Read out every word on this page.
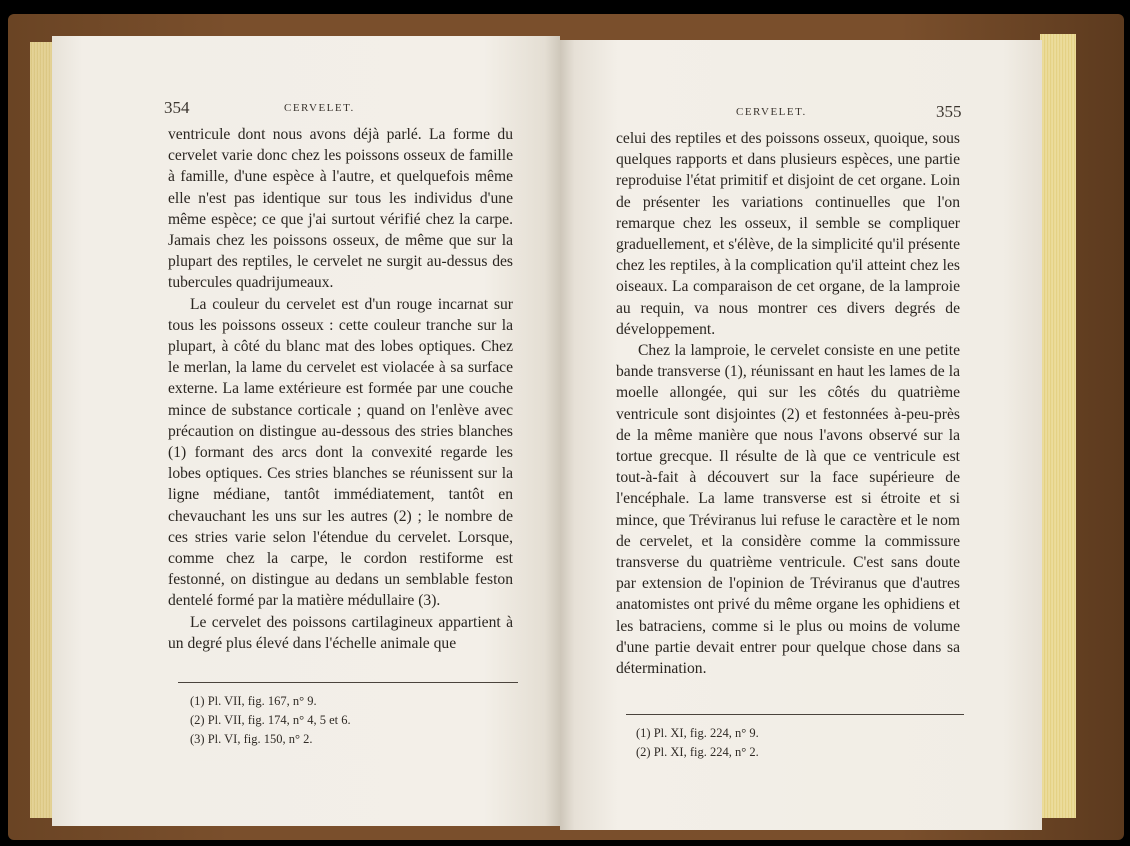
354	CERVELET.

ventricule dont nous avons déjà parlé. La forme du cervelet varie donc chez les poissons osseux de famille à famille, d'une espèce à l'autre, et quelquefois même elle n'est pas identique sur tous les individus d'une même espèce; ce que j'ai surtout vérifié chez la carpe. Jamais chez les poissons osseux, de même que sur la plupart des reptiles, le cervelet ne surgit au-dessus des tubercules quadrijumeaux.

La couleur du cervelet est d'un rouge incarnat sur tous les poissons osseux : cette couleur tranche sur la plupart, à côté du blanc mat des lobes optiques. Chez le merlan, la lame du cervelet est violacée à sa surface externe. La lame extérieure est formée par une couche mince de substance corticale ; quand on l'enlève avec précaution on distingue au-dessous des stries blanches (1) formant des arcs dont la convexité regarde les lobes optiques. Ces stries blanches se réunissent sur la ligne médiane, tantôt immédiatement, tantôt en chevauchant les uns sur les autres (2) ; le nombre de ces stries varie selon l'étendue du cervelet. Lorsque, comme chez la carpe, le cordon restiforme est festonné, on distingue au dedans un semblable feston dentelé formé par la matière médullaire (3).

Le cervelet des poissons cartilagineux appartient à un degré plus élevé dans l'échelle animale que

(1) Pl. VII, fig. 167, n° 9.
(2) Pl. VII, fig. 174, n° 4, 5 et 6.
(3) Pl. VI, fig. 150, n° 2.
CERVELET.	355

celui des reptiles et des poissons osseux, quoique, sous quelques rapports et dans plusieurs espèces, une partie reproduise l'état primitif et disjoint de cet organe. Loin de présenter les variations continuelles que l'on remarque chez les osseux, il semble se compliquer graduellement, et s'élève, de la simplicité qu'il présente chez les reptiles, à la complication qu'il atteint chez les oiseaux. La comparaison de cet organe, de la lamproie au requin, va nous montrer ces divers degrés de développement.

Chez la lamproie, le cervelet consiste en une petite bande transverse (1), réunissant en haut les lames de la moelle allongée, qui sur les côtés du quatrième ventricule sont disjointes (2) et festonnées à-peu-près de la même manière que nous l'avons observé sur la tortue grecque. Il résulte de là que ce ventricule est tout-à-fait à découvert sur la face supérieure de l'encéphale. La lame transverse est si étroite et si mince, que Tréviranus lui refuse le caractère et le nom de cervelet, et la considère comme la commissure transverse du quatrième ventricule. C'est sans doute par extension de l'opinion de Tréviranus que d'autres anatomistes ont privé du même organe les ophidiens et les batraciens, comme si le plus ou moins de volume d'une partie devait entrer pour quelque chose dans sa détermination.

(1) Pl. XI, fig. 224, n° 9.
(2) Pl. XI, fig. 224, n° 2.
